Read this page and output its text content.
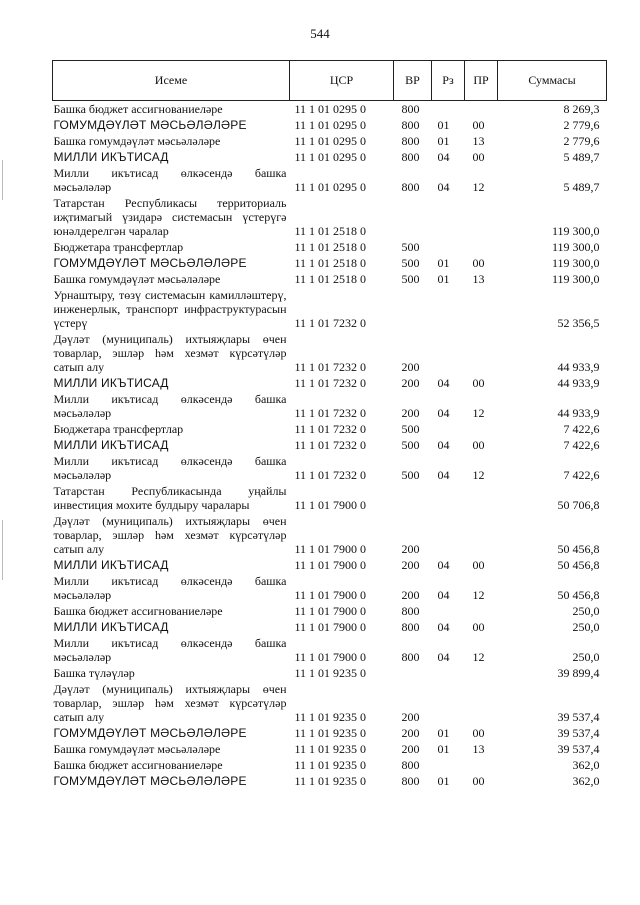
544
Исеме	ЦСР	ВР	Рз	ПР	Суммасы
Башка бюджет ассигнованиеләре	11 1 01 0295 0	800			8 269,3
ГОМУМДӘҮЛӘТ МӘСЬӘЛӘЛӘРЕ	11 1 01 0295 0	800	01	00	2 779,6
Башка гомумдәүләт мәсьәләләре	11 1 01 0295 0	800	01	13	2 779,6
МИЛЛИ ИКЪТИСАД	11 1 01 0295 0	800	04	00	5 489,7
Милли икътисад өлкәсендә башка мәсьәләләр	11 1 01 0295 0	800	04	12	5 489,7
Татарстан Республикасы территориаль иҗтимагый үзидарә системасын үстерүгә юнәлдерелгән чаралар	11 1 01 2518 0				119 300,0
Бюджетара трансфертлар	11 1 01 2518 0	500			119 300,0
ГОМУМДӘҮЛӘТ МӘСЬӘЛӘЛӘРЕ	11 1 01 2518 0	500	01	00	119 300,0
Башка гомумдәүләт мәсьәләләре	11 1 01 2518 0	500	01	13	119 300,0
Урнаштыру, төзү системасын камилләштерү, инженерлык, транспорт инфраструктурасын үстерү	11 1 01 7232 0				52 356,5
Дәүләт (муниципаль) ихтыяҗлары өчен товарлар, эшләр һәм хезмәт күрсәтүләр сатып алу	11 1 01 7232 0	200			44 933,9
МИЛЛИ ИКЪТИСАД	11 1 01 7232 0	200	04	00	44 933,9
Милли икътисад өлкәсендә башка мәсьәләләр	11 1 01 7232 0	200	04	12	44 933,9
Бюджетара трансфертлар	11 1 01 7232 0	500			7 422,6
МИЛЛИ ИКЪТИСАД	11 1 01 7232 0	500	04	00	7 422,6
Милли икътисад өлкәсендә башка мәсьәләләр	11 1 01 7232 0	500	04	12	7 422,6
Татарстан Республикасында уңайлы инвестиция мохите булдыру чаралары	11 1 01 7900 0				50 706,8
Дәүләт (муниципаль) ихтыяҗлары өчен товарлар, эшләр һәм хезмәт күрсәтүләр сатып алу	11 1 01 7900 0	200			50 456,8
МИЛЛИ ИКЪТИСАД	11 1 01 7900 0	200	04	00	50 456,8
Милли икътисад өлкәсендә башка мәсьәләләр	11 1 01 7900 0	200	04	12	50 456,8
Башка бюджет ассигнованиеләре	11 1 01 7900 0	800			250,0
МИЛЛИ ИКЪТИСАД	11 1 01 7900 0	800	04	00	250,0
Милли икътисад өлкәсендә башка мәсьәләләр	11 1 01 7900 0	800	04	12	250,0
Башка түләүләр	11 1 01 9235 0				39 899,4
Дәүләт (муниципаль) ихтыяҗлары өчен товарлар, эшләр һәм хезмәт күрсәтүләр сатып алу	11 1 01 9235 0	200			39 537,4
ГОМУМДӘҮЛӘТ МӘСЬӘЛӘЛӘРЕ	11 1 01 9235 0	200	01	00	39 537,4
Башка гомумдәүләт мәсьәләләре	11 1 01 9235 0	200	01	13	39 537,4
Башка бюджет ассигнованиеләре	11 1 01 9235 0	800			362,0
ГОМУМДӘҮЛӘТ МӘСЬӘЛӘЛӘРЕ	11 1 01 9235 0	800	01	00	362,0
